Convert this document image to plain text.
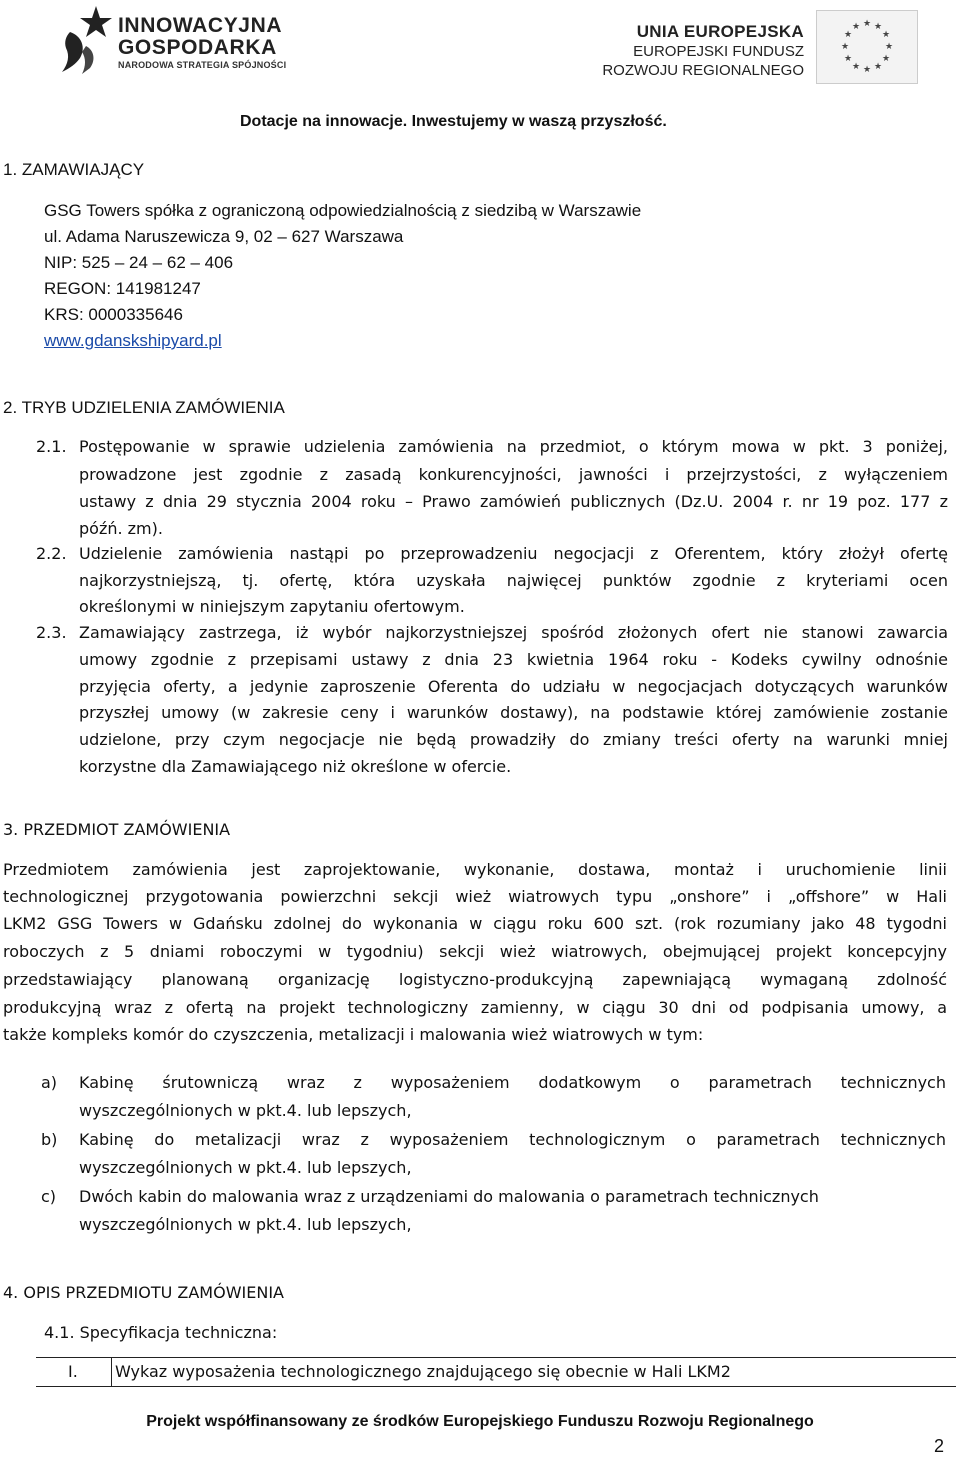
INNOWACYJNA
GOSPODARKA
NARODOWA STRATEGIA SPÓJNOŚCI
UNIA EUROPEJSKA
EUROPEJSKI FUNDUSZ
ROZWOJU REGIONALNEGO
★ ★
★
★
★
★
★
★
★
★
★
★
Dotacje na innowacje. Inwestujemy w waszą przyszłość.
1. ZAMAWIAJĄCY
GSG Towers spółka z ograniczoną odpowiedzialnością z siedzibą w Warszawie
ul. Adama Naruszewicza 9, 02 – 627 Warszawa
NIP: 525 – 24 – 62 – 406
REGON: 141981247
KRS: 0000335646
www.gdanskshipyard.pl
2. TRYB UDZIELENIA ZAMÓWIENIA
2.1. Postępowanie w sprawie udzielenia zamówienia na przedmiot, o którym mowa w pkt. 3 poniżej,
prowadzone jest zgodnie z zasadą konkurencyjności, jawności i przejrzystości, z wyłączeniem
ustawy z dnia 29 stycznia 2004 roku – Prawo zamówień publicznych (Dz.U. 2004 r. nr 19 poz. 177 z
późń. zm).
2.2. Udzielenie zamówienia nastąpi po przeprowadzeniu negocjacji z Oferentem, który złożył ofertę
najkorzystniejszą, tj. ofertę, która uzyskała najwięcej punktów zgodnie z kryteriami ocen
określonymi w niniejszym zapytaniu ofertowym.
2.3. Zamawiający zastrzega, iż wybór najkorzystniejszej spośród złożonych ofert nie stanowi zawarcia
umowy zgodnie z przepisami ustawy z dnia 23 kwietnia 1964 roku - Kodeks cywilny odnośnie
przyjęcia oferty, a jedynie zaproszenie Oferenta do udziału w negocjacjach dotyczących warunków
przyszłej umowy (w zakresie ceny i warunków dostawy), na podstawie której zamówienie zostanie
udzielone, przy czym negocjacje nie będą prowadziły do zmiany treści oferty na warunki mniej
korzystne dla Zamawiającego niż określone w ofercie.
3. PRZEDMIOT ZAMÓWIENIA
Przedmiotem zamówienia jest zaprojektowanie, wykonanie, dostawa, montaż i uruchomienie linii
technologicznej przygotowania powierzchni sekcji wież wiatrowych typu „onshore” i „offshore” w Hali
LKM2 GSG Towers w Gdańsku zdolnej do wykonania w ciągu roku 600 szt. (rok rozumiany jako 48 tygodni
roboczych z 5 dniami roboczymi w tygodniu) sekcji wież wiatrowych, obejmującej projekt koncepcyjny
przedstawiający planowaną organizację logistyczno-produkcyjną zapewniającą wymaganą zdolność
produkcyjną wraz z ofertą na projekt technologiczny zamienny, w ciągu 30 dni od podpisania umowy, a
także kompleks komór do czyszczenia, metalizacji i malowania wież wiatrowych w tym:
a) Kabinę śrutowniczą wraz z wyposażeniem dodatkowym o parametrach technicznych
wyszczególnionych w pkt.4. lub lepszych,
b) Kabinę do metalizacji wraz z wyposażeniem technologicznym o parametrach technicznych
wyszczególnionych w pkt.4. lub lepszych,
c) Dwóch kabin do malowania wraz z urządzeniami do malowania o parametrach technicznych
wyszczególnionych w pkt.4. lub lepszych,
4. OPIS PRZEDMIOTU ZAMÓWIENIA
4.1. Specyfikacja techniczna:
I. Wykaz wyposażenia technologicznego znajdującego się obecnie w Hali LKM2
Projekt współfinansowany ze środków Europejskiego Funduszu Rozwoju Regionalnego
2
